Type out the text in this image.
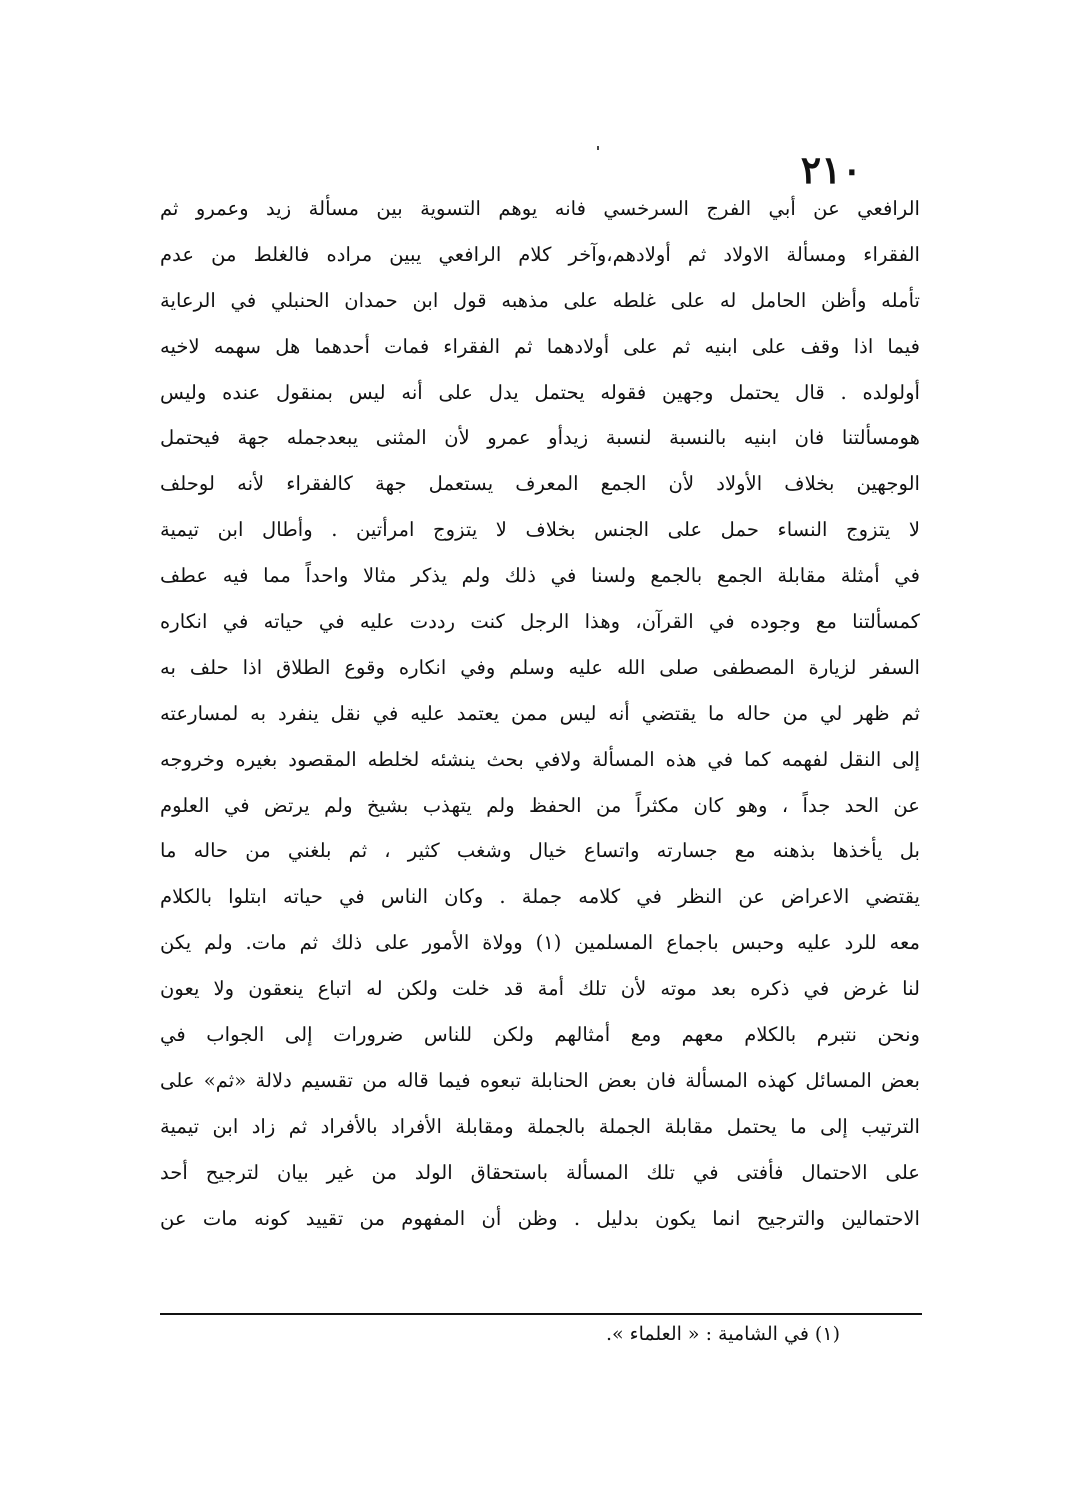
٢١٠
الرافعي عن أبي الفرج السرخسي فانه يوهم التسوية بين مسألة زيد وعمرو ثم
الفقراء ومسألة الاولاد ثم أولادهم،وآخر كلام الرافعي يبين مراده فالغلط من عدم
تأمله وأظن الحامل له على غلطه على مذهبه قول ابن حمدان الحنبلي في الرعاية
فيما اذا وقف على ابنيه ثم على أولادهما ثم الفقراء فمات أحدهما هل سهمه لاخيه
أولولده . قال يحتمل وجهين فقوله يحتمل يدل على أنه ليس بمنقول عنده وليس
هومسألتنا فان ابنيه بالنسبة لنسبة زيدأو عمرو لأن المثنى يبعدجمله جهة فيحتمل
الوجهين بخلاف الأولاد لأن الجمع المعرف يستعمل جهة كالفقراء لأنه لوحلف
لا يتزوج النساء حمل على الجنس بخلاف لا يتزوج امرأتين . وأطال ابن تيمية
في أمثلة مقابلة الجمع بالجمع ولسنا في ذلك ولم يذكر مثالا واحداً مما فيه عطف
كمسألتنا مع وجوده في القرآن، وهذا الرجل كنت رددت عليه في حياته في انكاره
السفر لزيارة المصطفى صلى الله عليه وسلم وفي انكاره وقوع الطلاق اذا حلف به
ثم ظهر لي من حاله ما يقتضي أنه ليس ممن يعتمد عليه في نقل ينفرد به لمسارعته
إلى النقل لفهمه كما في هذه المسألة ولافي بحث ينشئه لخلطه المقصود بغيره وخروجه
عن الحد جداً ، وهو كان مكثراً من الحفظ ولم يتهذب بشيخ ولم يرتض في العلوم
بل يأخذها بذهنه مع جسارته واتساع خيال وشغب كثير ، ثم بلغني من حاله ما
يقتضي الاعراض عن النظر في كلامه جملة . وكان الناس في حياته ابتلوا بالكلام
معه للرد عليه وحبس باجماع المسلمين (١) وولاة الأمور على ذلك ثم مات. ولم يكن
لنا غرض في ذكره بعد موته لأن تلك أمة قد خلت ولكن له اتباع ينعقون ولا يعون
ونحن نتبرم بالكلام معهم ومع أمثالهم ولكن للناس ضرورات إلى الجواب في
بعض المسائل كهذه المسألة فان بعض الحنابلة تبعوه فيما قاله من تقسيم دلالة «ثم» على
الترتيب إلى ما يحتمل مقابلة الجملة بالجملة ومقابلة الأفراد بالأفراد ثم زاد ابن تيمية
على الاحتمال فأفتى في تلك المسألة باستحقاق الولد من غير بيان لترجيح أحد
الاحتمالين والترجيح انما يكون بدليل . وظن أن المفهوم من تقييد كونه مات عن
(١) في الشامية : « العلماء ».
